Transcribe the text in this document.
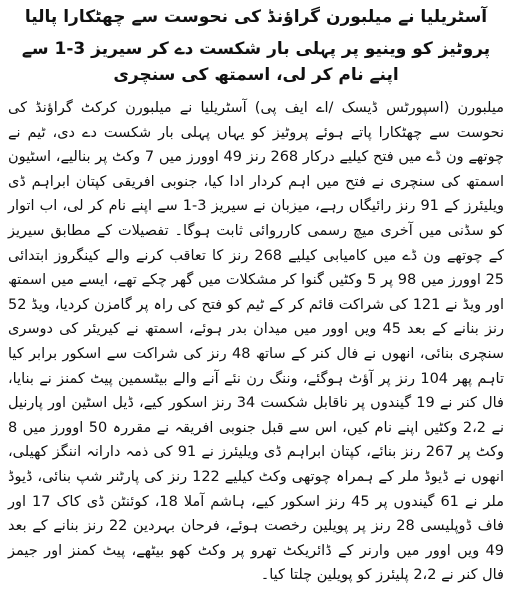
آسٹریلیا نے میلبورن گراؤنڈ کی نحوست سے چھٹکارا پالیا
پروٹیز کو وینیو پر پہلی بار شکست دے کر سیریز 3-1 سے اپنے نام کر لی، اسمتھ کی سنچری

میلبورن (اسپورٹس ڈیسک /اے ایف پی) آسٹریلیا نے میلبورن کرکٹ گراؤنڈ کی نحوست سے چھٹکارا پاتے ہوئے پروٹیز کو یہاں پہلی بار شکست دے دی، ٹیم نے چوتھے ون ڈے میں فتح کیلیے درکار 268 رنز 49 اوورز میں 7 وکٹ پر بنالیے، اسٹیون اسمتھ کی سنچری نے فتح میں اہم کردار ادا کیا، جنوبی افریقی کپتان ابراہم ڈی ویلیئرز کے 91 رنز رائیگاں رہے، میزبان نے سیریز 3-1 سے اپنے نام کر لی، اب اتوار کو سڈنی میں آخری میچ رسمی کارروائی ثابت ہوگا۔ تفصیلات کے مطابق سیریز کے چوتھے ون ڈے میں کامیابی کیلیے 268 رنز کا تعاقب کرنے والے کینگروز ابتدائی 25 اوورز میں 98 پر 5 وکٹیں گنوا کر مشکلات میں گھر چکے تھے، ایسے میں اسمتھ اور ویڈ نے 121 کی شراکت قائم کر کے ٹیم کو فتح کی راہ پر گامزن کردیا، ویڈ 52 رنز بنانے کے بعد 45 ویں اوور میں میدان بدر ہوئے، اسمتھ نے کیریئر کی دوسری سنچری بنائی، انھوں نے فال کنر کے ساتھ 48 رنز کی شراکت سے اسکور برابر کیا تاہم پھر 104 رنز پر آؤٹ ہوگئے، وننگ رن نئے آنے والے بیٹسمین پیٹ کمنز نے بنایا، فال کنر نے 19 گیندوں پر ناقابل شکست 34 رنز اسکور کیے، ڈیل اسٹین اور پارنیل نے 2،2 وکٹیں اپنے نام کیں، اس سے قبل جنوبی افریقہ نے مقررہ 50 اوورز میں 8 وکٹ پر 267 رنز بنائے، کپتان ابراہم ڈی ویلیئرز نے 91 کی ذمہ دارانہ اننگز کھیلی، انھوں نے ڈیوڈ ملر کے ہمراہ چوتھی وکٹ کیلیے 122 رنز کی پارٹنر شپ بنائی، ڈیوڈ ملر نے 61 گیندوں پر 45 رنز اسکور کیے، ہاشم آملا 18، کوئنٹن ڈی کاک 17 اور فاف ڈوپلیسی 28 رنز پر پویلین رخصت ہوئے، فرحان بہردین 22 رنز بنانے کے بعد 49 ویں اوور میں وارنر کے ڈائریکٹ تھرو پر وکٹ کھو بیٹھے، پیٹ کمنز اور جیمز فال کنر نے 2،2 پلیئرز کو پویلین چلتا کیا۔
